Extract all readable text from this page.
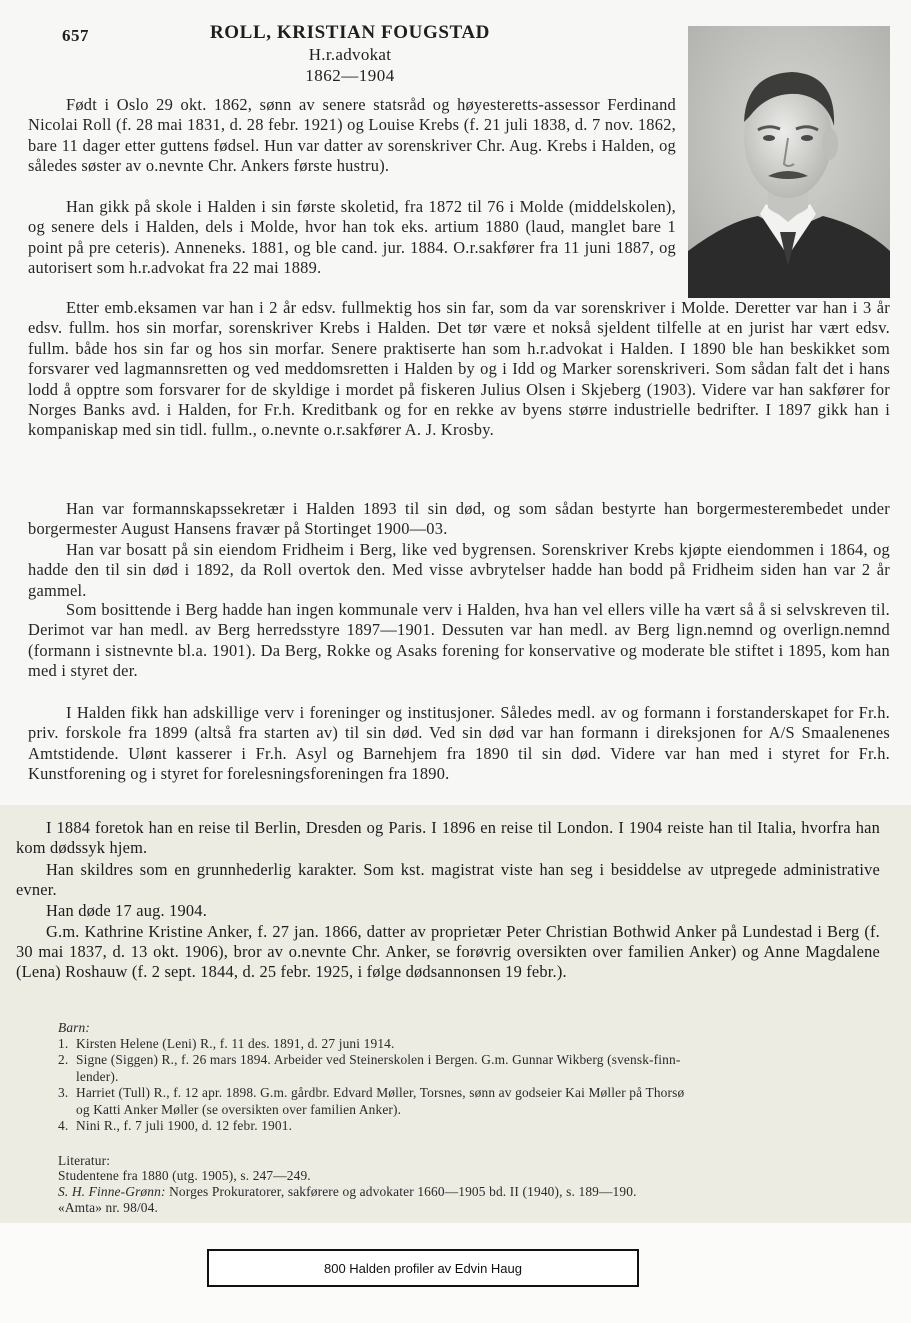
657	ROLL, KRISTIAN FOUGSTAD
H.r.advokat
1862—1904

Født i Oslo 29 okt. 1862, sønn av senere statsråd og høyesteretts-assessor Ferdinand Nicolai Roll (f. 28 mai 1831, d. 28 febr. 1921) og Louise Krebs (f. 21 juli 1838, d. 7 nov. 1862, bare 11 dager etter guttens fødsel. Hun var datter av sorenskriver Chr. Aug. Krebs i Halden, og således søster av o.nevnte Chr. Ankers første hustru).

Han gikk på skole i Halden i sin første skoletid, fra 1872 til 76 i Molde (middelskolen), og senere dels i Halden, dels i Molde, hvor han tok eks. artium 1880 (laud, manglet bare 1 point på pre ceteris). Anneneks. 1881, og ble cand. jur. 1884. O.r.sakfører fra 11 juni 1887, og autorisert som h.r.advokat fra 22 mai 1889.

Etter emb.eksamen var han i 2 år edsv. fullmektig hos sin far, som da var sorenskriver i Molde. Deretter var han i 3 år edsv. fullm. hos sin morfar, sorenskriver Krebs i Halden. Det tør være et nokså sjeldent tilfelle at en jurist har vært edsv. fullm. både hos sin far og hos sin morfar. Senere praktiserte han som h.r.advokat i Halden. I 1890 ble han beskikket som forsvarer ved lagmannsretten og ved meddomsretten i Halden by og i Idd og Marker sorenskriveri. Som sådan falt det i hans lodd å opptre som forsvarer for de skyldige i mordet på fiskeren Julius Olsen i Skjeberg (1903). Videre var han sakfører for Norges Banks avd. i Halden, for Fr.h. Kreditbank og for en rekke av byens større industrielle bedrifter. I 1897 gikk han i kompaniskap med sin tidl. fullm., o.nevnte o.r.sakfører A. J. Krosby.

Han var formannskapssekretær i Halden 1893 til sin død, og som sådan bestyrte han borgermesterembedet under borgermester August Hansens fravær på Stortinget 1900—03.

Han var bosatt på sin eiendom Fridheim i Berg, like ved bygrensen. Sorenskriver Krebs kjøpte eiendommen i 1864, og hadde den til sin død i 1892, da Roll overtok den. Med visse avbrytelser hadde han bodd på Fridheim siden han var 2 år gammel.

Som bosittende i Berg hadde han ingen kommunale verv i Halden, hva han vel ellers ville ha vært så å si selvskreven til. Derimot var han medl. av Berg herredsstyre 1897—1901. Dessuten var han medl. av Berg lign.nemnd og overlign.nemnd (formann i sistnevnte bl.a. 1901). Da Berg, Rokke og Asaks forening for konservative og moderate ble stiftet i 1895, kom han med i styret der.

I Halden fikk han adskillige verv i foreninger og institusjoner. Således medl. av og formann i forstanderskapet for Fr.h. priv. forskole fra 1899 (altså fra starten av) til sin død. Ved sin død var han formann i direksjonen for A/S Smaalenenes Amtstidende. Ulønt kasserer i Fr.h. Asyl og Barnehjem fra 1890 til sin død. Videre var han med i styret for Fr.h. Kunstforening og i styret for forelesningsforeningen fra 1890.

I 1884 foretok han en reise til Berlin, Dresden og Paris. I 1896 en reise til London. I 1904 reiste han til Italia, hvorfra han kom dødssyk hjem.

Han skildres som en grunnhederlig karakter. Som kst. magistrat viste han seg i besiddelse av utpregede administrative evner.

Han døde 17 aug. 1904.

G.m. Kathrine Kristine Anker, f. 27 jan. 1866, datter av proprietær Peter Christian Bothwid Anker på Lundestad i Berg (f. 30 mai 1837, d. 13 okt. 1906), bror av o.nevnte Chr. Anker, se forøvrig oversikten over familien Anker) og Anne Magdalene (Lena) Roshauw (f. 2 sept. 1844, d. 25 febr. 1925, i følge dødsannonsen 19 febr.).

Barn:

1. Kirsten Helene (Leni) R., f. 11 des. 1891, d. 27 juni 1914.
2. Signe (Siggen) R., f. 26 mars 1894. Arbeider ved Steinerskolen i Bergen. G.m. Gunnar Wikberg (svensk-finn-
lender).
3. Harriet (Tull) R., f. 12 apr. 1898. G.m. gårdbr. Edvard Møller, Torsnes, sønn av godseier Kai Møller på Thorsø
og Katti Anker Møller (se oversikten over familien Anker).
4. Nini R., f. 7 juli 1900, d. 12 febr. 1901.

Literatur:

Studentene fra 1880 (utg. 1905), s. 247—249.
S. H. Finne-Grønn: Norges Prokuratorer, sakførere og advokater 1660—1905 bd. II (1940), s. 189—190.
«Amta» nr. 98/04.
800 Halden profiler av Edvin Haug
